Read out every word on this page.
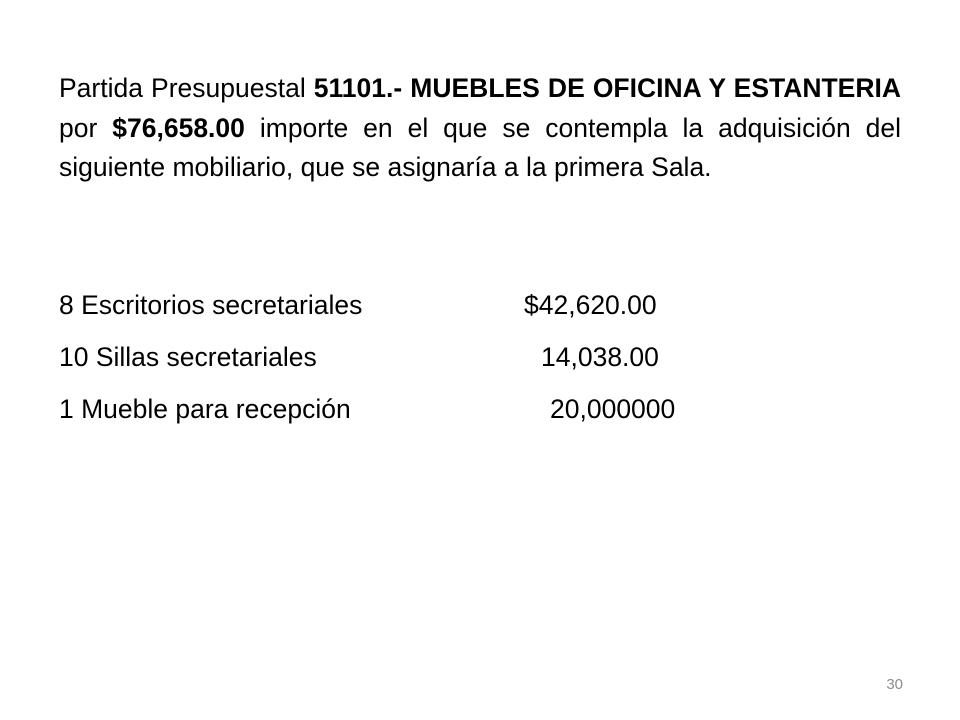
Partida Presupuestal 51101.- MUEBLES DE OFICINA Y ESTANTERIA por $76,658.00 importe en el que se contempla la adquisición del siguiente mobiliario, que se asignaría a la primera Sala.

8 Escritorios secretariales	$42,620.00
10 Sillas secretariales	14,038.00
1 Mueble para recepción	20,000000
30
